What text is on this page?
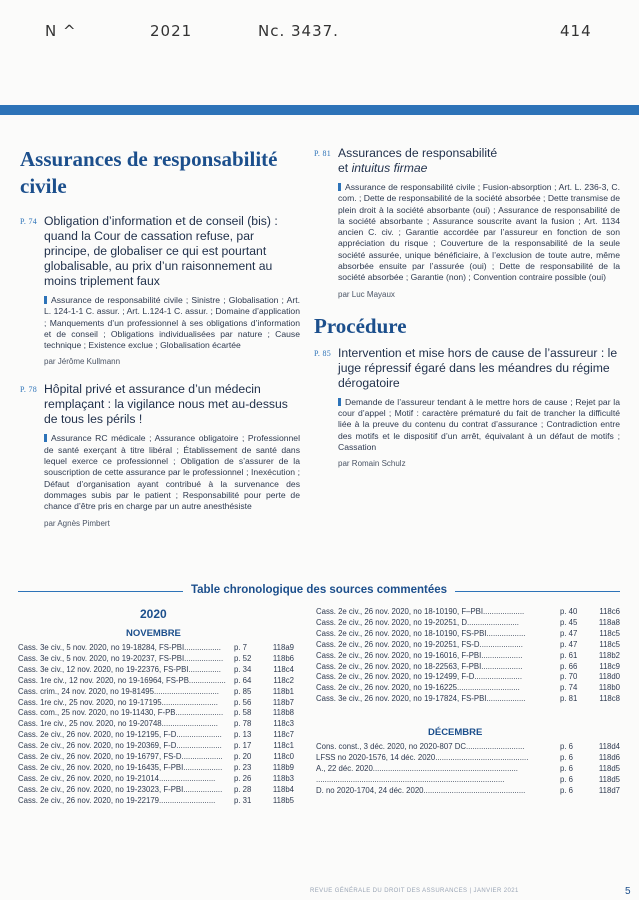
N ^	2021	Nc. 3437.	414
Assurances de responsabilité civile
P. 74 Obligation d’information et de conseil (bis) : quand la Cour de cassation refuse, par principe, de globaliser ce qui est pourtant globalisable, au prix d’un raisonnement au moins triplement faux

Assurance de responsabilité civile ; Sinistre ; Globalisation ; Art. L. 124-1-1 C. assur. ; Art. L.124-1 C. assur. ; Domaine d’application ; Manquements d’un professionnel à ses obligations d’information et de conseil ; Obligations individualisées par nature ; Cause technique ; Existence exclue ; Globalisation écartée

par Jérôme Kullmann
P. 78 Hôpital privé et assurance d’un médecin remplaçant : la vigilance nous met au-dessus de tous les périls !

Assurance RC médicale ; Assurance obligatoire ; Professionnel de santé exerçant à titre libéral ; Établissement de santé dans lequel exerce ce professionnel ; Obligation de s’assurer de la souscription de cette assurance par le professionnel ; Inexécution ; Défaut d’organisation ayant contribué à la survenance des dommages subis par le patient ; Responsabilité pour perte de chance d’être pris en charge par un autre anesthésiste

par Agnès Pimbert
P. 81 Assurances de responsabilité
et intuitus firmae

Assurance de responsabilité civile ; Fusion-absorption ; Art. L. 236-3, C. com. ; Dette de responsabilité de la société absorbée ; Dette transmise de plein droit à la société absorbante (oui) ; Assurance de responsabilité de la société absorbante ; Assurance souscrite avant la fusion ; Art. 1134 ancien C. civ. ; Garantie accordée par l’assureur en fonction de son appréciation du risque ; Couverture de la responsabilité de la seule société assurée, unique bénéficiaire, à l’exclusion de toute autre, même absorbée ensuite par l’assurée (oui) ; Dette de responsabilité de la société absorbée ; Garantie (non) ; Convention contraire possible (oui)

par Luc Mayaux
Procédure
P. 85 Intervention et mise hors de cause de l’assureur : le juge répressif égaré dans les méandres du régime dérogatoire

Demande de l’assureur tendant à le mettre hors de cause ; Rejet par la cour d’appel ; Motif : caractère prématuré du fait de trancher la difficulté liée à la preuve du contenu du contrat d’assurance ; Contradiction entre des motifs et le dispositif d’un arrêt, équivalant à un défaut de motifs ; Cassation

par Romain Schulz
Table chronologique des sources commentées
2020
NOVEMBRE
Cass. 3e civ., 5 nov. 2020, no 19-18284, FS-PBI.................	p. 7	118a9
Cass. 3e civ., 5 nov. 2020, no 19-20237, FS-PBI..................	p. 52	118b6
Cass. 3e civ., 12 nov. 2020, no 19-22376, FS-PBI...............	p. 34	118c4
Cass. 1re civ., 12 nov. 2020, no 19-16964, FS-PB.................	p. 64	118c2
Cass. crim., 24 nov. 2020, no 19-81495..............................	p. 85	118b1
Cass. 1re civ., 25 nov. 2020, no 19-17195..........................	p. 56	118b7
Cass. com., 25 nov. 2020, no 19-11430, F-PB......................	p. 58	118b8
Cass. 1re civ., 25 nov. 2020, no 19-20748..........................	p. 78	118c3
Cass. 2e civ., 26 nov. 2020, no 19-12195, F-D.....................	p. 13	118c7
Cass. 2e civ., 26 nov. 2020, no 19-20369, F-D.....................	p. 17	118c1
Cass. 2e civ., 26 nov. 2020, no 19-16797, FS-D...................	p. 20	118c0
Cass. 2e civ., 26 nov. 2020, no 19-16435, F-PBI..................	p. 23	118b9
Cass. 2e civ., 26 nov. 2020, no 19-21014..........................	p. 26	118b3
Cass. 2e civ., 26 nov. 2020, no 19-23023, F-PBI..................	p. 28	118b4
Cass. 2e civ., 26 nov. 2020, no 19-22179..........................	p. 31	118b5
Cass. 2e civ., 26 nov. 2020, no 18-10190, F–PBI...................	p. 40	118c6
Cass. 2e civ., 26 nov. 2020, no 19-20251, D........................	p. 45	118a8
Cass. 2e civ., 26 nov. 2020, no 18-10190, FS-PBI..................	p. 47	118c5
Cass. 2e civ., 26 nov. 2020, no 19-20251, FS-D....................	p. 47	118c5
Cass. 2e civ., 26 nov. 2020, no 19-16016, F-PBI...................	p. 61	118b2
Cass. 2e civ., 26 nov. 2020, no 18-22563, F-PBI...................	p. 66	118c9
Cass. 2e civ., 26 nov. 2020, no 19-12499, F-D......................	p. 70	118d0
Cass. 2e civ., 26 nov. 2020, no 19-16225.............................	p. 74	118b0
Cass. 3e civ., 26 nov. 2020, no 19-17824, FS-PBI..................	p. 81	118c8
DÉCEMBRE
Cons. const., 3 déc. 2020, no 2020-807 DC...........................	p. 6	118d4
LFSS no 2020-1576, 14 déc. 2020...........................................	p. 6	118d6
A., 22 déc. 2020...................................................................	p. 6	118d5
.......................................................................................	p. 6	118d5
D. no 2020-1704, 24 déc. 2020...............................................	p. 6	118d7
REVUE GÉNÉRALE DU DROIT DES ASSURANCES | JANVIER 2021	5
